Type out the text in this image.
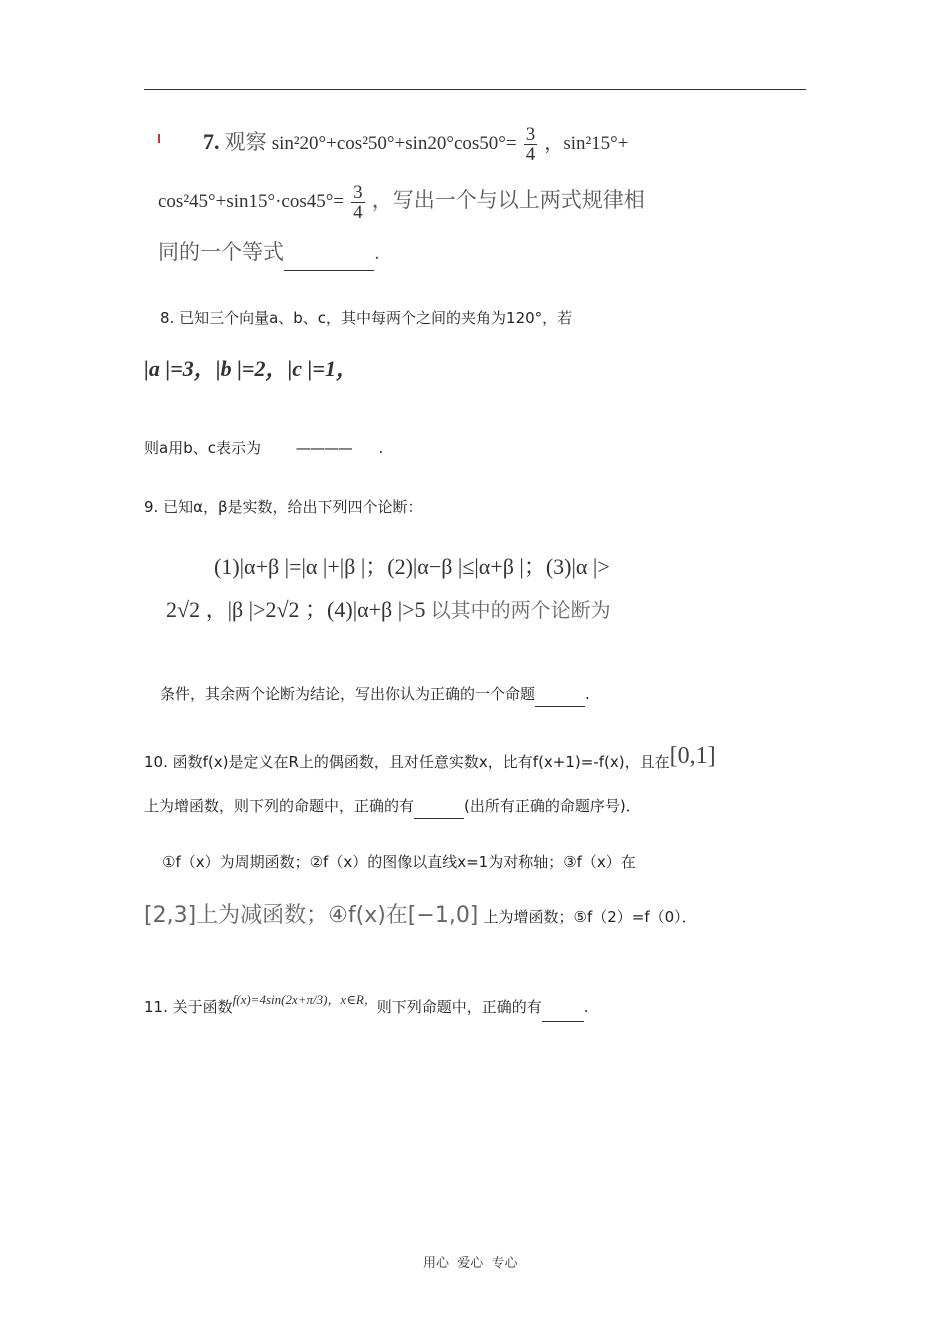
7. 观察 $\sin^220^\circ+\cos^250^\circ+\sin 20^\circ\cos 50^\circ= \frac{3}{4}$ ，sin²15°+
$\cos^245^\circ+\sin 15^\circ\cdot\cos 45^\circ= \frac{3}{4}$ ，写出一个与以上两式规律相
同的一个等式	.
8. 已知三个向量a、b、c，其中每两个之间的夹角为120°，若
|a |=3，|b |=2，|c |=1，
则a用b、c表示为 ———— .
9. 已知α，β是实数，给出下列四个论断：
(1)|α+β |=|α |+|β |；(2)|α−β |≤|α+β |；(3)|α |>
2√2 ，|β |>2√2 ；(4)|α+β |>5 以其中的两个论断为
条件，其余两个论断为结论，写出你认为正确的一个命题	.
10. 函数f(x)是定义在R上的偶函数，且对任意实数x，比有f(x+1)=-f(x)，且在[0,1]
上为增函数，则下列的命题中，正确的有	(出所有正确的命题序号)．
①f（x）为周期函数；②f（x）的图像以直线x=1为对称轴；③f（x）在
[2,3]上为减函数；④f(x)在[−1,0] 上为增函数；⑤f（2）=f（0）．
11. 关于函数f(x)=4sin(2x+π/3)，x∈R，则下列命题中，正确的有	.
用心  爱心  专心
